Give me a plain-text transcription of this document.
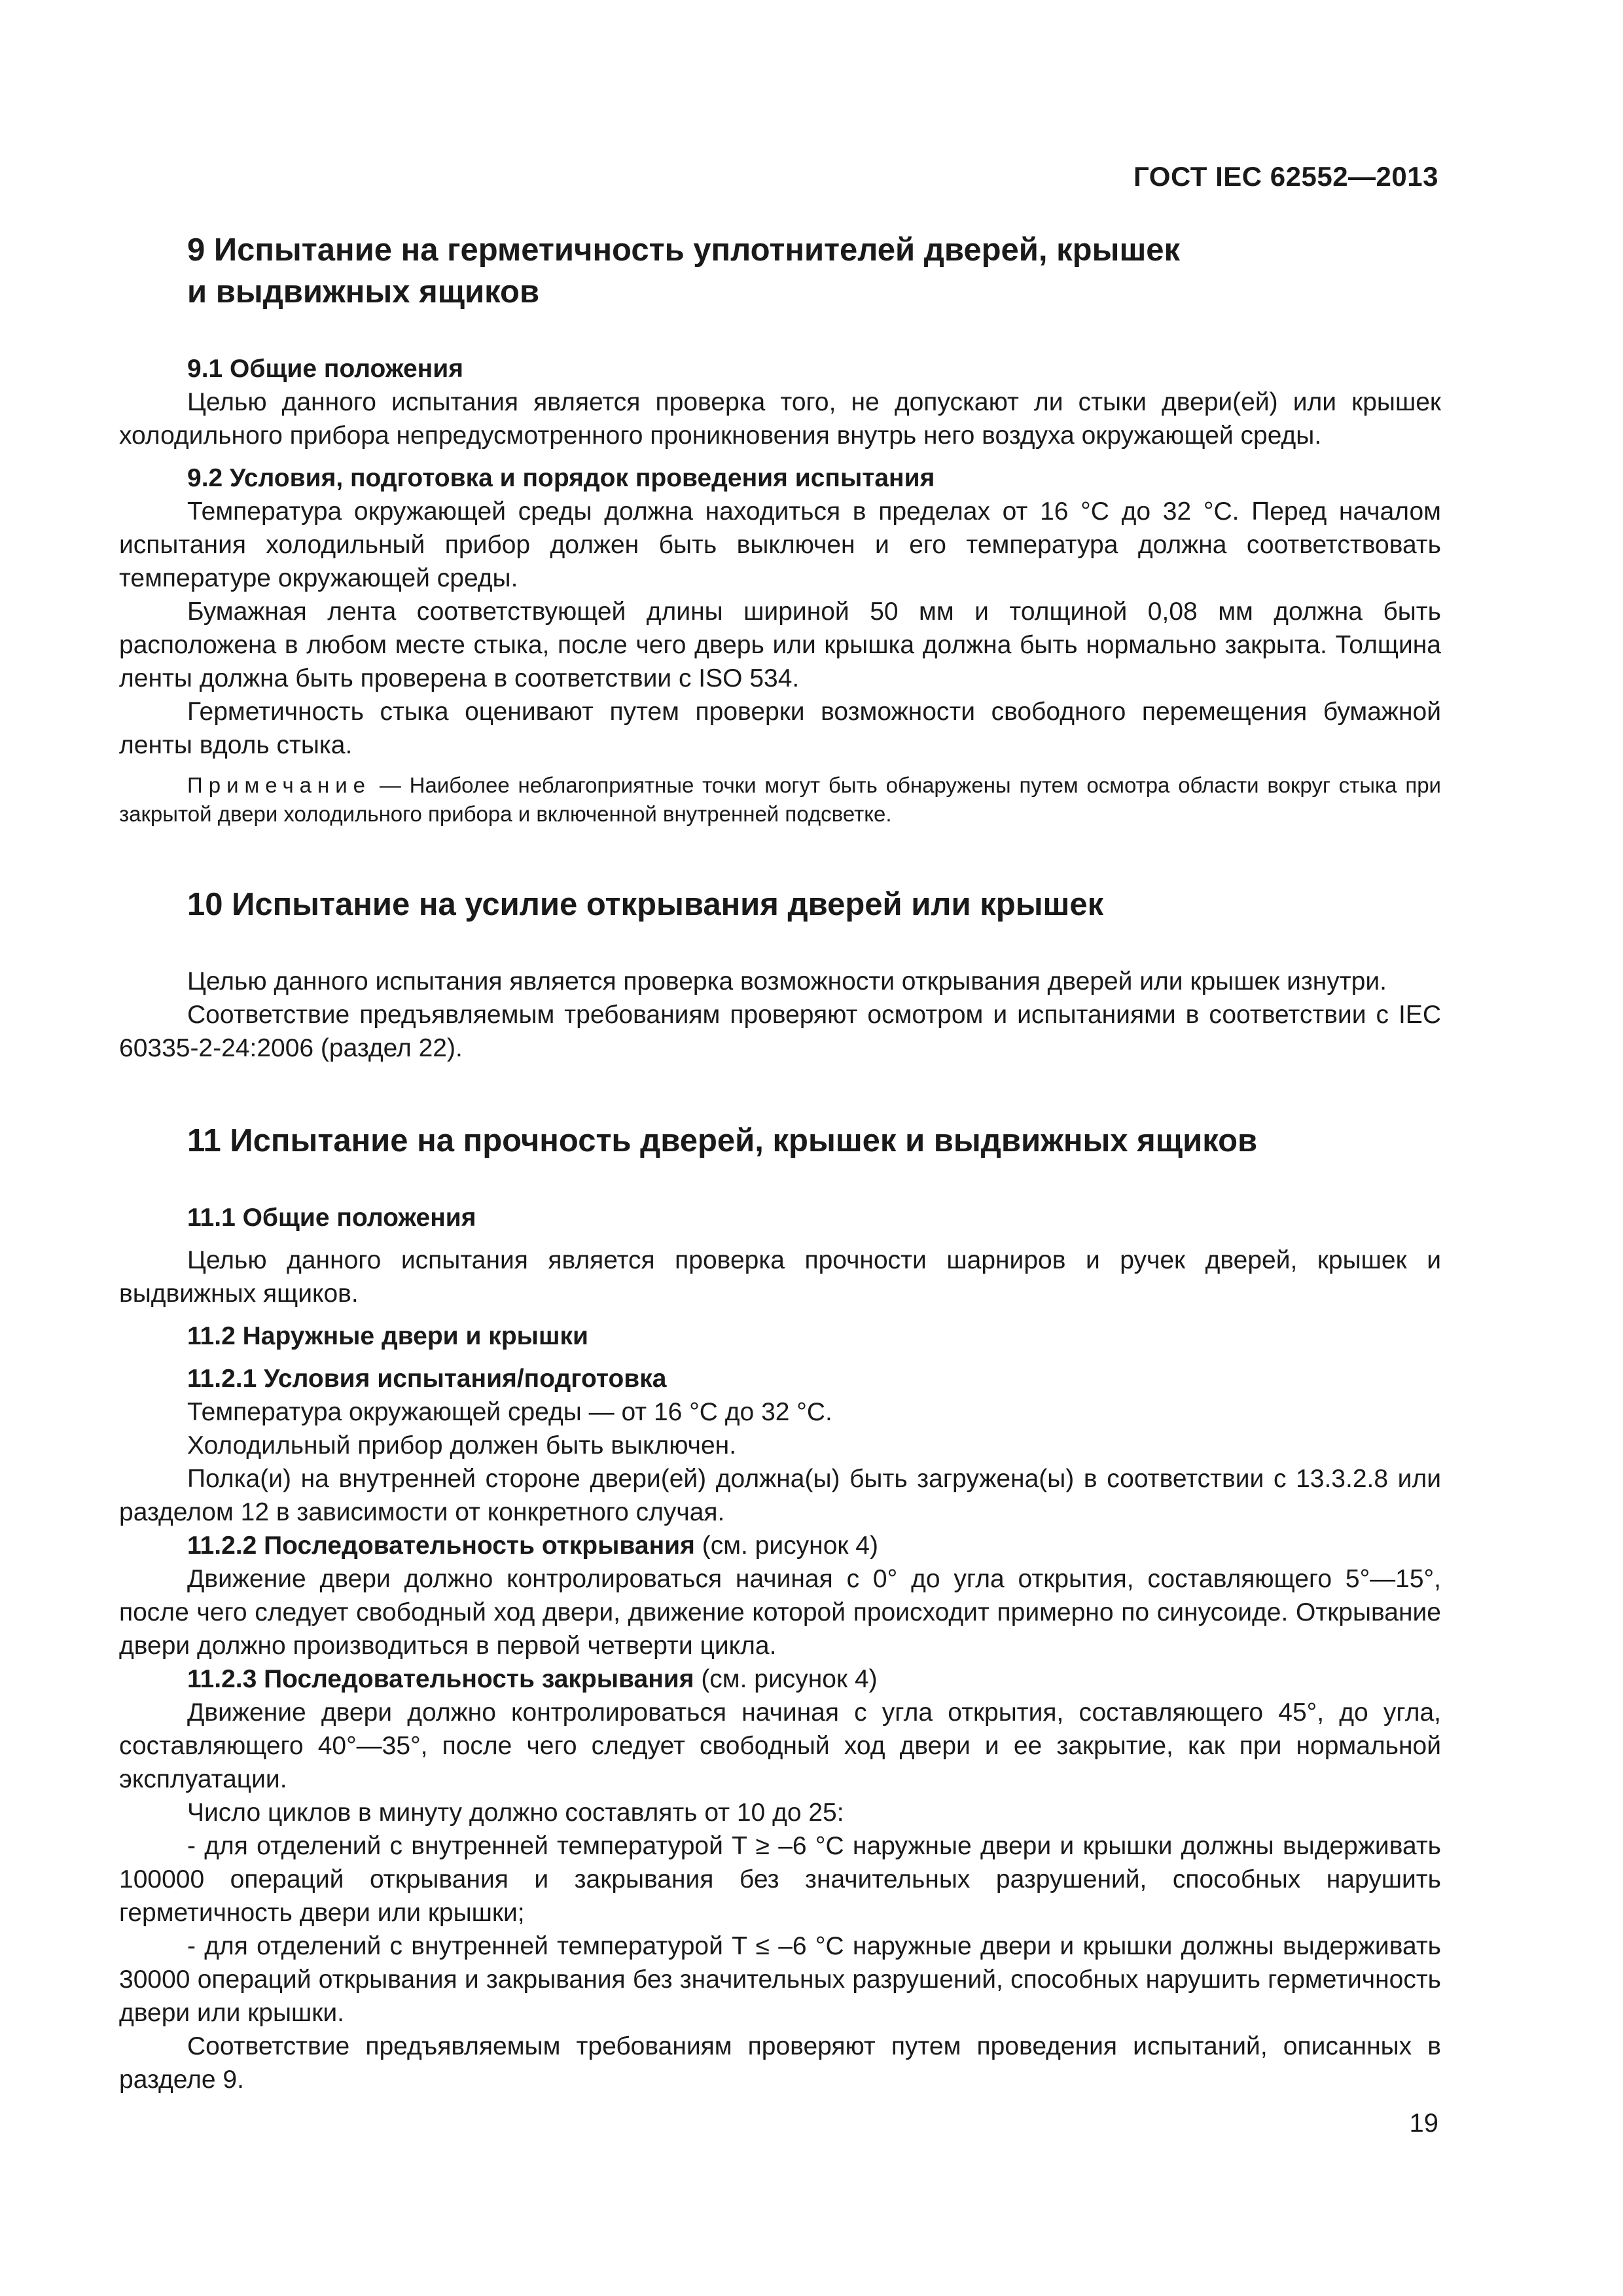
ГОСТ IEC 62552—2013
9 Испытание на герметичность уплотнителей дверей, крышек
и выдвижных ящиков
9.1 Общие положения

Целью данного испытания является проверка того, не допускают ли стыки двери(ей) или крышек холодильного прибора непредусмотренного проникновения внутрь него воздуха окружающей среды.

9.2 Условия, подготовка и порядок проведения испытания

Температура окружающей среды должна находиться в пределах от 16 °С до 32 °С. Перед началом испытания холодильный прибор должен быть выключен и его температура должна соответствовать температуре окружающей среды.

Бумажная лента соответствующей длины шириной 50 мм и толщиной 0,08 мм должна быть расположена в любом месте стыка, после чего дверь или крышка должна быть нормально закрыта. Толщина ленты должна быть проверена в соответствии с ISO 534.

Герметичность стыка оценивают путем проверки возможности свободного перемещения бумажной ленты вдоль стыка.

Примечание — Наиболее неблагоприятные точки могут быть обнаружены путем осмотра области вокруг стыка при закрытой двери холодильного прибора и включенной внутренней подсветке.

10 Испытание на усилие открывания дверей или крышек

Целью данного испытания является проверка возможности открывания дверей или крышек изнутри.

Соответствие предъявляемым требованиям проверяют осмотром и испытаниями в соответствии с IEC 60335-2-24:2006 (раздел 22).

11 Испытание на прочность дверей, крышек и выдвижных ящиков
11.1 Общие положения

Целью данного испытания является проверка прочности шарниров и ручек дверей, крышек и выдвижных ящиков.

11.2 Наружные двери и крышки
11.2.1 Условия испытания/подготовка

Температура окружающей среды — от 16 °С до 32 °С.

Холодильный прибор должен быть выключен.

Полка(и) на внутренней стороне двери(ей) должна(ы) быть загружена(ы) в соответствии с 13.3.2.8 или разделом 12 в зависимости от конкретного случая.

11.2.2 Последовательность открывания (см. рисунок 4)

Движение двери должно контролироваться начиная с 0° до угла открытия, составляющего 5°—15°, после чего следует свободный ход двери, движение которой происходит примерно по синусоиде. Открывание двери должно производиться в первой четверти цикла.

11.2.3 Последовательность закрывания (см. рисунок 4)

Движение двери должно контролироваться начиная с угла открытия, составляющего 45°, до угла, составляющего 40°—35°, после чего следует свободный ход двери и ее закрытие, как при нормальной эксплуатации.

Число циклов в минуту должно составлять от 10 до 25:

- для отделений с внутренней температурой T ≥ –6 °С наружные двери и крышки должны выдерживать 100000 операций открывания и закрывания без значительных разрушений, способных нарушить герметичность двери или крышки;

- для отделений с внутренней температурой T ≤ –6 °С наружные двери и крышки должны выдерживать 30000 операций открывания и закрывания без значительных разрушений, способных нарушить герметичность двери или крышки.

Соответствие предъявляемым требованиям проверяют путем проведения испытаний, описанных в разделе 9.

19
